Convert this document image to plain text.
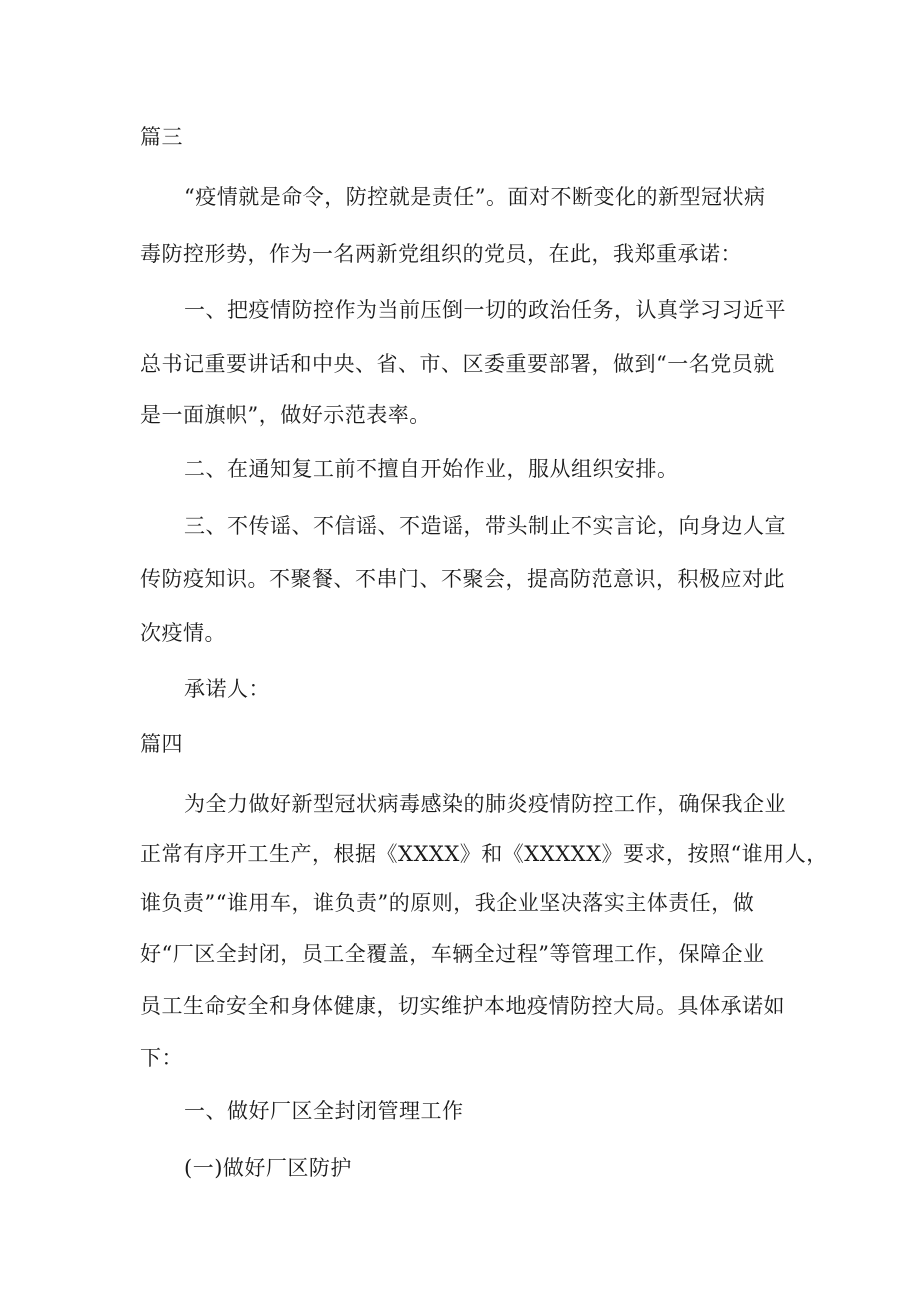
篇三
“疫情就是命令，防控就是责任”。面对不断变化的新型冠状病
毒防控形势，作为一名两新党组织的党员，在此，我郑重承诺：
一、把疫情防控作为当前压倒一切的政治任务，认真学习习近平
总书记重要讲话和中央、省、市、区委重要部署，做到“一名党员就
是一面旗帜”，做好示范表率。
二、在通知复工前不擅自开始作业，服从组织安排。
三、不传谣、不信谣、不造谣，带头制止不实言论，向身边人宣
传防疫知识。不聚餐、不串门、不聚会，提高防范意识，积极应对此
次疫情。
承诺人：
篇四
为全力做好新型冠状病毒感染的肺炎疫情防控工作，确保我企业
正常有序开工生产，根据《XXXX》和《XXXXX》要求，按照“谁用人，
谁负责”“谁用车，谁负责”的原则，我企业坚决落实主体责任，做
好“厂区全封闭，员工全覆盖，车辆全过程”等管理工作，保障企业
员工生命安全和身体健康，切实维护本地疫情防控大局。具体承诺如
下：
一、做好厂区全封闭管理工作
(一)做好厂区防护
